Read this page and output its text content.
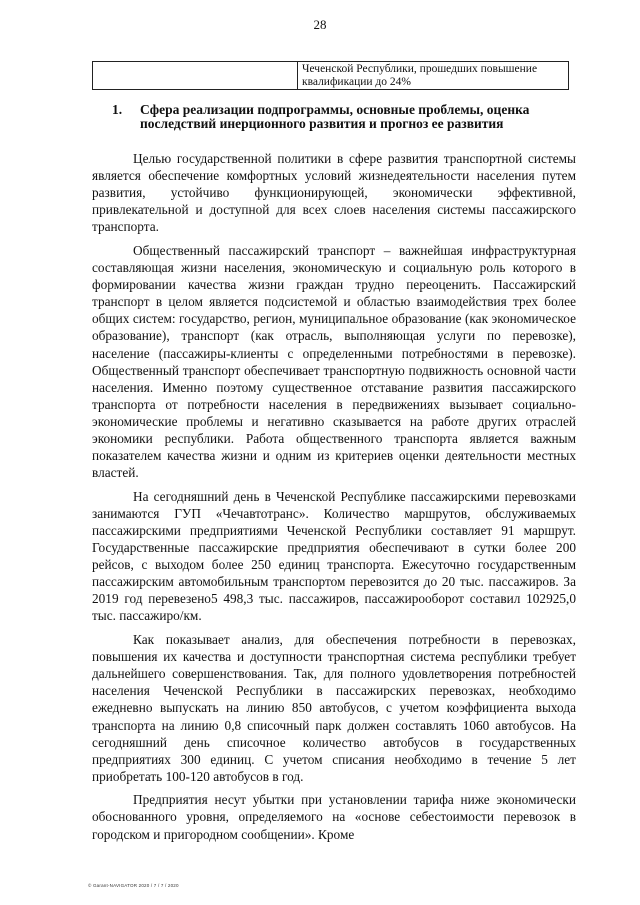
28
	Чеченской Республики, прошедших повышение квалификации до 24%
1. Сфера реализации подпрограммы, основные проблемы, оценка последствий инерционного развития и прогноз ее развития

Целью государственной политики в сфере развития транспортной системы является обеспечение комфортных условий жизнедеятельности населения путем развития, устойчиво функционирующей, экономически эффективной, привлекательной и доступной для всех слоев населения системы пассажирского транспорта.

Общественный пассажирский транспорт – важнейшая инфраструктурная составляющая жизни населения, экономическую и социальную роль которого в формировании качества жизни граждан трудно переоценить. Пассажирский транспорт в целом является подсистемой и областью взаимодействия трех более общих систем: государство, регион, муниципальное образование (как экономическое образование), транспорт (как отрасль, выполняющая услуги по перевозке), население (пассажиры-клиенты с определенными потребностями в перевозке). Общественный транспорт обеспечивает транспортную подвижность основной части населения. Именно поэтому существенное отставание развития пассажирского транспорта от потребности населения в передвижениях вызывает социально-экономические проблемы и негативно сказывается на работе других отраслей экономики республики. Работа общественного транспорта является важным показателем качества жизни и одним из критериев оценки деятельности местных властей.

На сегодняшний день в Чеченской Республике пассажирскими перевозками занимаются ГУП «Чечавтотранс». Количество маршрутов, обслуживаемых пассажирскими предприятиями Чеченской Республики составляет 91 маршрут. Государственные пассажирские предприятия обеспечивают в сутки более 200 рейсов, с выходом более 250 единиц транспорта. Ежесуточно государственным пассажирским автомобильным транспортом перевозится до 20 тыс. пассажиров. За 2019 год перевезено5 498,3 тыс. пассажиров, пассажирооборот составил 102925,0 тыс. пассажиро/км.

Как показывает анализ, для обеспечения потребности в перевозках, повышения их качества и доступности транспортная система республики требует дальнейшего совершенствования. Так, для полного удовлетворения потребностей населения Чеченской Республики в пассажирских перевозках, необходимо ежедневно выпускать на линию 850 автобусов, с учетом коэффициента выхода транспорта на линию 0,8 списочный парк должен составлять 1060 автобусов. На сегодняшний день списочное количество автобусов в государственных предприятиях 300 единиц. С учетом списания необходимо в течение 5 лет приобретать 100-120 автобусов в год.

Предприятия несут убытки при установлении тарифа ниже экономически обоснованного уровня, определяемого на «основе себестоимости перевозок в городском и пригородном сообщении». Кроме

© Garant-NAVIGATOR 2020 / 7 / 7 / 2020
